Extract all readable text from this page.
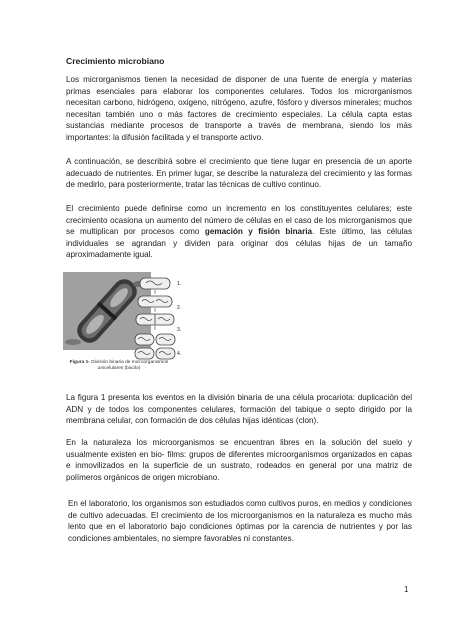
Crecimiento microbiano

Los microrganismos tienen la necesidad de disponer de una fuente de energía y materias primas esenciales para elaborar los componentes celulares. Todos los microrganismos necesitan carbono, hidrógeno, oxigeno, nitrógeno, azufre, fósforo y diversos minerales; muchos necesitan también uno o más factores de crecimiento especiales. La célula capta estas sustancias mediante procesos de transporte a través de membrana, siendo los más importantes: la difusión facilitada y el transporte activo.

A continuación, se describirá sobre el crecimiento que tiene lugar en presencia de un aporte adecuado de nutrientes. En primer lugar, se describe la naturaleza del crecimiento y las formas de medirlo, para posteriormente, tratar las técnicas de cultivo continuo.

El crecimiento puede definirse como un incremento en los constituyentes celulares; este crecimiento ocasiona un aumento del número de células en el caso de los microrganismos que se multiplican por procesos como gemación y fisión binaria. Este último, las células individuales se agrandan y dividen para originar dos células hijas de un tamaño aproximadamente igual.

1.
2.
3.
4.
Figura 1- División binaria de microorganismos unicelulares (bacilo)

La figura 1 presenta los eventos en la división binaria de una célula procariota: duplicación del ADN y de todos los componentes celulares, formación del tabique o septo dirigido por la membrana celular, con formación de dos células hijas idénticas (clon).

En la naturaleza los microorganismos se encuentran libres en la solución del suelo y usualmente existen en bio- films: grupos de diferentes microorganismos organizados en capas e inmovilizados en la superficie de un sustrato, rodeados en general por una matriz de polímeros orgánicos de origen microbiano.

En el laboratorio, los organismos son estudiados como cultivos puros, en medios y condiciones de cultivo adecuadas. El crecimiento de los microorganismos en la naturaleza es mucho más lento que en el laboratorio bajo condiciones óptimas por la carencia de nutrientes y por las condiciones ambientales, no siempre favorables ni constantes.

1
